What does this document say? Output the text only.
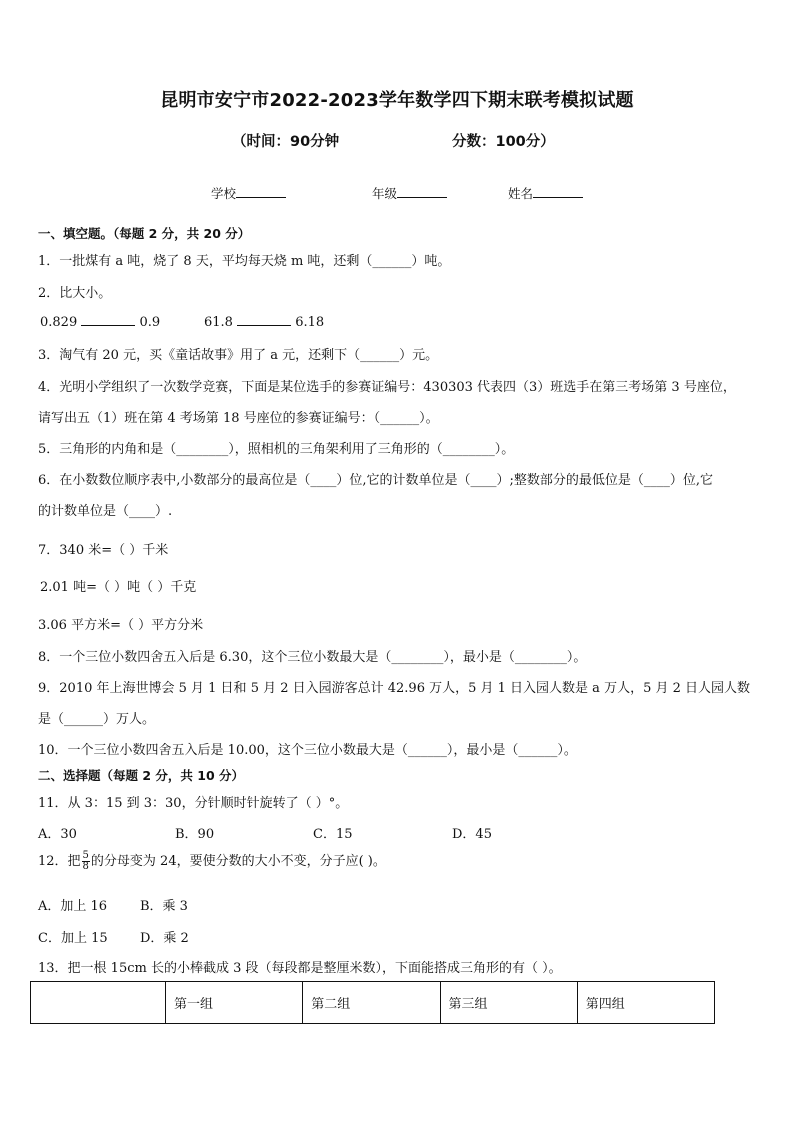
昆明市安宁市2022-2023学年数学四下期末联考模拟试题
（时间：90分钟	分数：100分）
学校	年级	姓名
一、填空题。（每题 2 分，共 20 分）
1．一批煤有 a 吨，烧了 8 天，平均每天烧 m 吨，还剩（______）吨。
2．比大小。
0.829	0.9	61.8	6.18
3．淘气有 20 元，买《童话故事》用了 a 元，还剩下（______）元。
4．光明小学组织了一次数学竞赛，下面是某位选手的参赛证编号：430303 代表四（3）班选手在第三考场第 3 号座位，
请写出五（1）班在第 4 考场第 18 号座位的参赛证编号：（______）。
5．三角形的内角和是（________），照相机的三角架利用了三角形的（________）。
6．在小数数位顺序表中,小数部分的最高位是（____）位,它的计数单位是（____）;整数部分的最低位是（____）位,它
的计数单位是（____）.
7．340 米=（ ）千米
2.01 吨=（ ）吨（ ）千克
3.06 平方米=（ ）平方分米
8．一个三位小数四舍五入后是 6.30，这个三位小数最大是（________），最小是（________）。
9．2010 年上海世博会 5 月 1 日和 5 月 2 日入园游客总计 42.96 万人，5 月 1 日入园人数是 a 万人，5 月 2 日人园人数
是（______）万人。
10．一个三位小数四舍五入后是 10.00，这个三位小数最大是（______），最小是（______）。
二、选择题（每题 2 分，共 10 分）
11．从 3：15 到 3：30，分针顺时针旋转了（ ）°。
A．30	B．90	C．15	D．45
12．把 $\frac{5}{8}$ 的分母变为 24，要使分数的大小不变，分子应( )。
A．加上 16	B．乘 3
C．加上 15 D．乘 2
13．把一根 15cm 长的小棒截成 3 段（每段都是整厘米数），下面能搭成三角形的有（ ）。
	第一组	第二组	第三组	第四组
